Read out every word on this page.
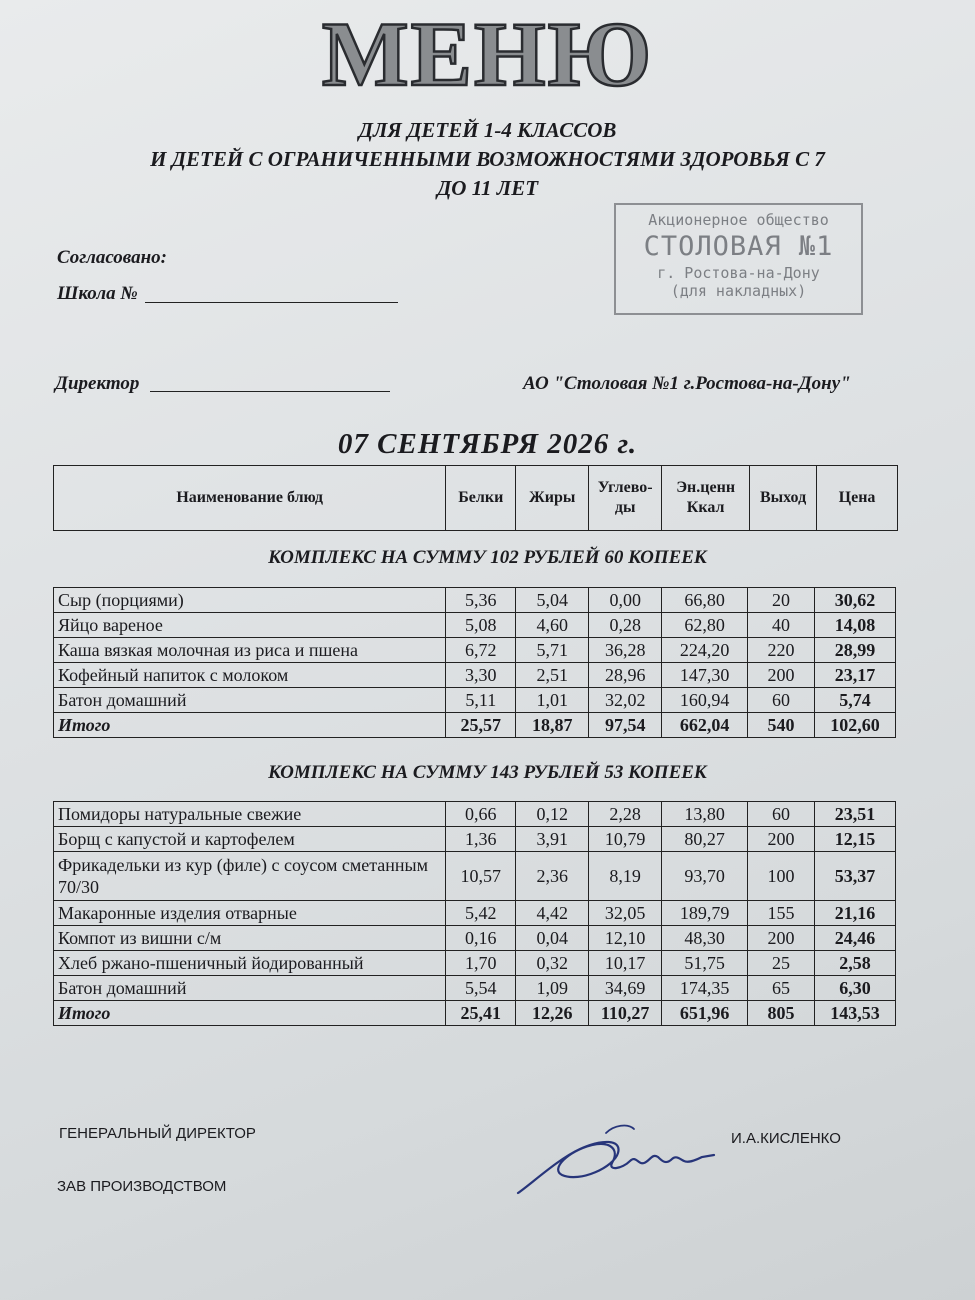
МЕНЮ
ДЛЯ ДЕТЕЙ 1-4 КЛАССОВ
И ДЕТЕЙ С ОГРАНИЧЕННЫМИ ВОЗМОЖНОСТЯМИ ЗДОРОВЬЯ С 7
ДО 11 ЛЕТ
Акционерное общество
СТОЛОВАЯ №1
г. Ростова-на-Дону
(для накладных)
Согласовано:
Школа №
Директор	АО "Столовая №1 г.Ростова-на-Дону"
07 СЕНТЯБРЯ 2026 г.
Наименование блюд	Белки	Жиры	Углево-ды	Эн.ценн Ккал	Выход	Цена
КОМПЛЕКС НА СУММУ 102 РУБЛЕЙ 60 КОПЕЕК
Сыр (порциями)	5,36	5,04	0,00	66,80	20	30,62
Яйцо вареное	5,08	4,60	0,28	62,80	40	14,08
Каша вязкая молочная из риса и пшена	6,72	5,71	36,28	224,20	220	28,99
Кофейный напиток с молоком	3,30	2,51	28,96	147,30	200	23,17
Батон домашний	5,11	1,01	32,02	160,94	60	5,74
Итого	25,57	18,87	97,54	662,04	540	102,60
КОМПЛЕКС НА СУММУ 143 РУБЛЕЙ 53 КОПЕЕК
Помидоры натуральные свежие	0,66	0,12	2,28	13,80	60	23,51
Борщ с капустой и картофелем	1,36	3,91	10,79	80,27	200	12,15
Фрикадельки из кур (филе) с соусом сметанным 70/30	10,57	2,36	8,19	93,70	100	53,37
Макаронные изделия отварные	5,42	4,42	32,05	189,79	155	21,16
Компот из вишни с/м	0,16	0,04	12,10	48,30	200	24,46
Хлеб ржано-пшеничный йодированный	1,70	0,32	10,17	51,75	25	2,58
Батон домашний	5,54	1,09	34,69	174,35	65	6,30
Итого	25,41	12,26	110,27	651,96	805	143,53
ГЕНЕРАЛЬНЫЙ ДИРЕКТОР	И.А.КИСЛЕНКО
ЗАВ ПРОИЗВОДСТВОМ
